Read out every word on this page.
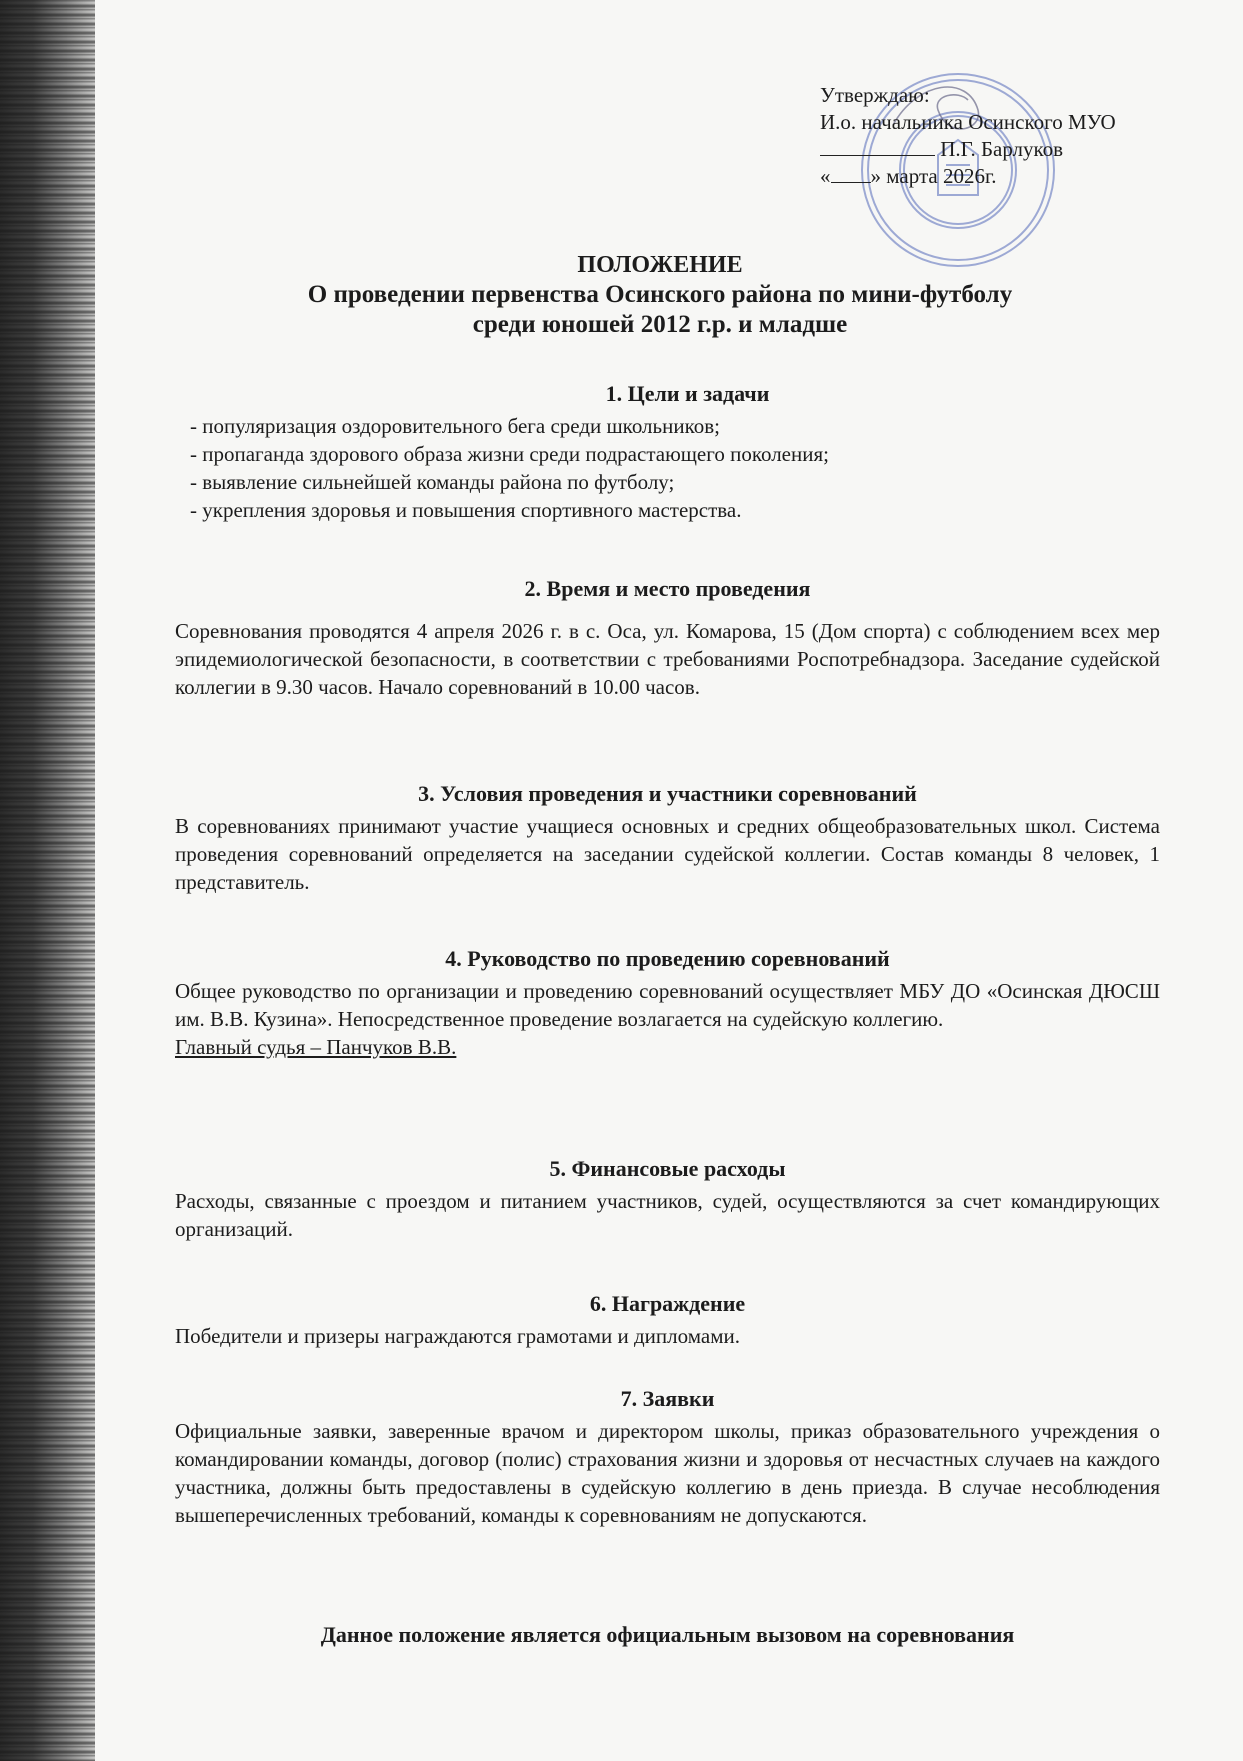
Утверждаю:
И.о. начальника Осинского МУО
П.Г. Барлуков
« » марта 2026г.
ПОЛОЖЕНИЕ
О проведении первенства Осинского района по мини-футболу
среди юношей 2012 г.р. и младше
1. Цели и задачи

- популяризация оздоровительного бега среди школьников;

- пропаганда здорового образа жизни среди подрастающего поколения;

- выявление сильнейшей команды района по футболу;

- укрепления здоровья и повышения спортивного мастерства.

2. Время и место проведения

Соревнования проводятся 4 апреля 2026 г. в с. Оса, ул. Комарова, 15 (Дом спорта) с соблюдением всех мер эпидемиологической безопасности, в соответствии с требованиями Роспотребнадзора. Заседание судейской коллегии в 9.30 часов. Начало соревнований в 10.00 часов.

3. Условия проведения и участники соревнований

В соревнованиях принимают участие учащиеся основных и средних общеобразовательных школ. Система проведения соревнований определяется на заседании судейской коллегии. Состав команды 8 человек, 1 представитель.

4. Руководство по проведению соревнований

Общее руководство по организации и проведению соревнований осуществляет МБУ ДО «Осинская ДЮСШ им. В.В. Кузина». Непосредственное проведение возлагается на судейскую коллегию.

Главный судья – Панчуков В.В.

5. Финансовые расходы

Расходы, связанные с проездом и питанием участников, судей, осуществляются за счет командирующих организаций.

6. Награждение

Победители и призеры награждаются грамотами и дипломами.

7. Заявки

Официальные заявки, заверенные врачом и директором школы, приказ образовательного учреждения о командировании команды, договор (полис) страхования жизни и здоровья от несчастных случаев на каждого участника, должны быть предоставлены в судейскую коллегию в день приезда. В случае несоблюдения вышеперечисленных требований, команды к соревнованиям не допускаются.

Данное положение является официальным вызовом на соревнования
